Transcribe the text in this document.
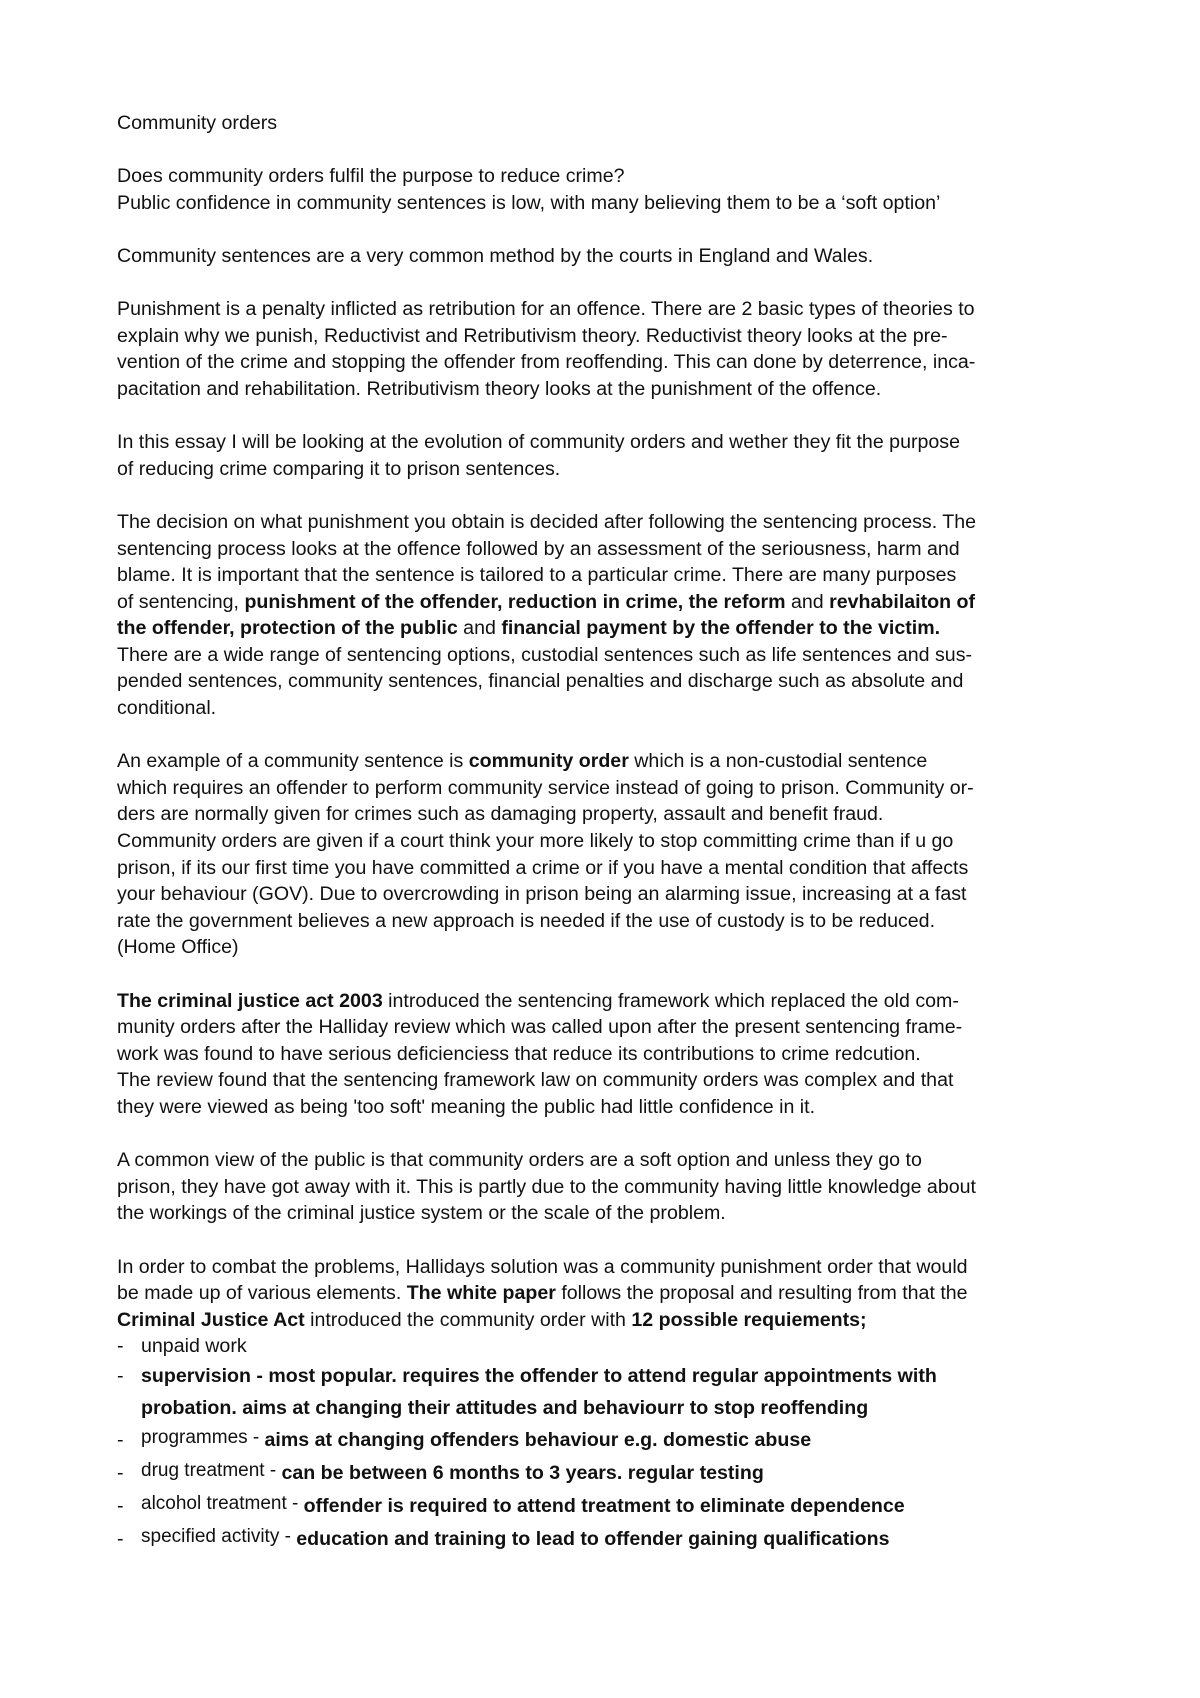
Community orders
Does community orders fulfil the purpose to reduce crime?
Public confidence in community sentences is low, with many believing them to be a ‘soft option’
Community sentences are a very common method by the courts in England and Wales.
Punishment is a penalty inflicted as retribution for an offence. There are 2 basic types of theories to
explain why we punish, Reductivist and Retributivism theory. Reductivist theory looks at the pre-
vention of the crime and stopping the offender from reoffending. This can done by deterrence, inca-
pacitation and rehabilitation. Retributivism theory looks at the punishment of the offence.
In this essay I will be looking at the evolution of community orders and wether they fit the purpose
of reducing crime comparing it to prison sentences.
The decision on what punishment you obtain is decided after following the sentencing process. The
sentencing process looks at the offence followed by an assessment of the seriousness, harm and
blame. It is important that the sentence is tailored to a particular crime. There are many purposes
of sentencing, punishment of the offender, reduction in crime, the reform and revhabilaiton of
the offender, protection of the public and financial payment by the offender to the victim.
There are a wide range of sentencing options, custodial sentences such as life sentences and sus-
pended sentences, community sentences, financial penalties and discharge such as absolute and
conditional.
An example of a community sentence is community order which is a non-custodial sentence
which requires an offender to perform community service instead of going to prison. Community or-
ders are normally given for crimes such as damaging property, assault and benefit fraud.
Community orders are given if a court think your more likely to stop committing crime than if u go
prison, if its our first time you have committed a crime or if you have a mental condition that affects
your behaviour (GOV). Due to overcrowding in prison being an alarming issue, increasing at a fast
rate the government believes a new approach is needed if the use of custody is to be reduced.
(Home Office)
The criminal justice act 2003 introduced the sentencing framework which replaced the old com-
munity orders after the Halliday review which was called upon after the present sentencing frame-
work was found to have serious deficienciess that reduce its contributions to crime redcution.
The review found that the sentencing framework law on community orders was complex and that
they were viewed as being 'too soft' meaning the public had little confidence in it.
A common view of the public is that community orders are a soft option and unless they go to
prison, they have got away with it. This is partly due to the community having little knowledge about
the workings of the criminal justice system or the scale of the problem.
In order to combat the problems, Hallidays solution was a community punishment order that would
be made up of various elements. The white paper follows the proposal and resulting from that the
Criminal Justice Act introduced the community order with 12 possible requiements;
- unpaid work
- supervision - most popular. requires the offender to attend regular appointments with
probation. aims at changing their attitudes and behaviourr to stop reoffending
- programmes - aims at changing offenders behaviour e.g. domestic abuse
- drug treatment - can be between 6 months to 3 years. regular testing
- alcohol treatment - offender is required to attend treatment to eliminate dependence
- specified activity - education and training to lead to offender gaining qualifications
